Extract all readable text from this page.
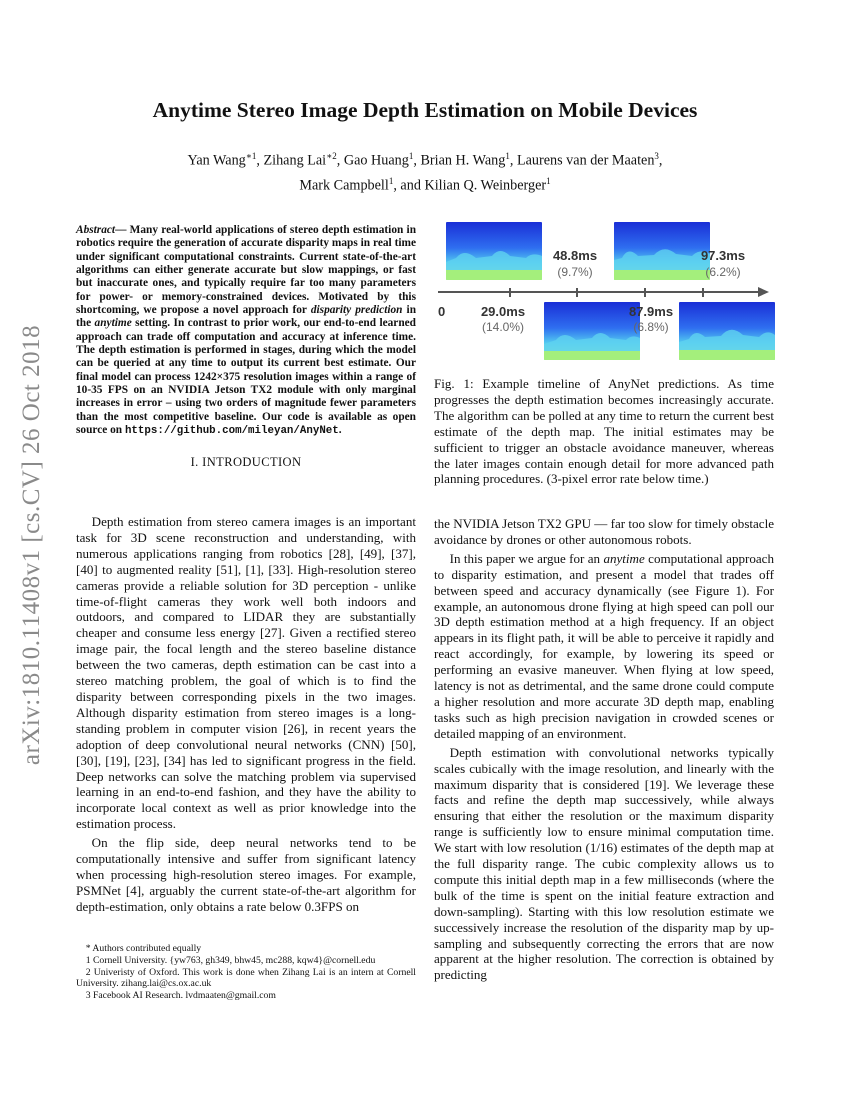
arXiv:1810.11408v1 [cs.CV] 26 Oct 2018
Anytime Stereo Image Depth Estimation on Mobile Devices
Yan Wang$^{∗1}$, Zihang Lai$^{∗2}$, Gao Huang$^1$, Brian H. Wang$^1$, Laurens van der Maaten$^3$,
Mark Campbell$^1$, and Kilian Q. Weinberger$^1$
Abstract— Many real-world applications of stereo depth estimation in robotics require the generation of accurate disparity maps in real time under significant computational constraints. Current state-of-the-art algorithms can either generate accurate but slow mappings, or fast but inaccurate ones, and typically require far too many parameters for power- or memory-constrained devices. Motivated by this shortcoming, we propose a novel approach for disparity prediction in the anytime setting. In contrast to prior work, our end-to-end learned approach can trade off computation and accuracy at inference time. The depth estimation is performed in stages, during which the model can be queried at any time to output its current best estimate. Our final model can process 1242×375 resolution images within a range of 10-35 FPS on an NVIDIA Jetson TX2 module with only marginal increases in error – using two orders of magnitude fewer parameters than the most competitive baseline. Our code is available as open source on https://github.com/mileyan/AnyNet.
I. INTRODUCTION

Depth estimation from stereo camera images is an important task for 3D scene reconstruction and understanding, with numerous applications ranging from robotics [28], [49], [37], [40] to augmented reality [51], [1], [33]. High-resolution stereo cameras provide a reliable solution for 3D perception - unlike time-of-flight cameras they work well both indoors and outdoors, and compared to LIDAR they are substantially cheaper and consume less energy [27]. Given a rectified stereo image pair, the focal length and the stereo baseline distance between the two cameras, depth estimation can be cast into a stereo matching problem, the goal of which is to find the disparity between corresponding pixels in the two images. Although disparity estimation from stereo images is a long-standing problem in computer vision [26], in recent years the adoption of deep convolutional neural networks (CNN) [50], [30], [19], [23], [34] has led to significant progress in the field. Deep networks can solve the matching problem via supervised learning in an end-to-end fashion, and they have the ability to incorporate local context as well as prior knowledge into the estimation process.

On the flip side, deep neural networks tend to be computationally intensive and suffer from significant latency when processing high-resolution stereo images. For example, PSMNet [4], arguably the current state-of-the-art algorithm for depth-estimation, only obtains a rate below 0.3FPS on

* Authors contributed equally

1 Cornell University. {yw763, gh349, bhw45, mc288, kqw4}@cornell.edu

2 Univeristy of Oxford. This work is done when Zihang Lai is an intern at Cornell University. zihang.lai@cs.ox.ac.uk

3 Facebook AI Research. lvdmaaten@gmail.com

0	29.0ms
(14.0%)
48.8ms
(9.7%)
87.9ms
(6.8%)
97.3ms
(6.2%)
Fig. 1: Example timeline of AnyNet predictions. As time progresses the depth estimation becomes increasingly accurate. The algorithm can be polled at any time to return the current best estimate of the depth map. The initial estimates may be sufficient to trigger an obstacle avoidance maneuver, whereas the later images contain enough detail for more advanced path planning procedures. (3-pixel error rate below time.)

the NVIDIA Jetson TX2 GPU — far too slow for timely obstacle avoidance by drones or other autonomous robots.

In this paper we argue for an anytime computational approach to disparity estimation, and present a model that trades off between speed and accuracy dynamically (see Figure 1). For example, an autonomous drone flying at high speed can poll our 3D depth estimation method at a high frequency. If an object appears in its flight path, it will be able to perceive it rapidly and react accordingly, for example, by lowering its speed or performing an evasive maneuver. When flying at low speed, latency is not as detrimental, and the same drone could compute a higher resolution and more accurate 3D depth map, enabling tasks such as high precision navigation in crowded scenes or detailed mapping of an environment.

Depth estimation with convolutional networks typically scales cubically with the image resolution, and linearly with the maximum disparity that is considered [19]. We leverage these facts and refine the depth map successively, while always ensuring that either the resolution or the maximum disparity range is sufficiently low to ensure minimal computation time. We start with low resolution (1/16) estimates of the depth map at the full disparity range. The cubic complexity allows us to compute this initial depth map in a few milliseconds (where the bulk of the time is spent on the initial feature extraction and down-sampling). Starting with this low resolution estimate we successively increase the resolution of the disparity map by up-sampling and subsequently correcting the errors that are now apparent at the higher resolution. The correction is obtained by predicting
